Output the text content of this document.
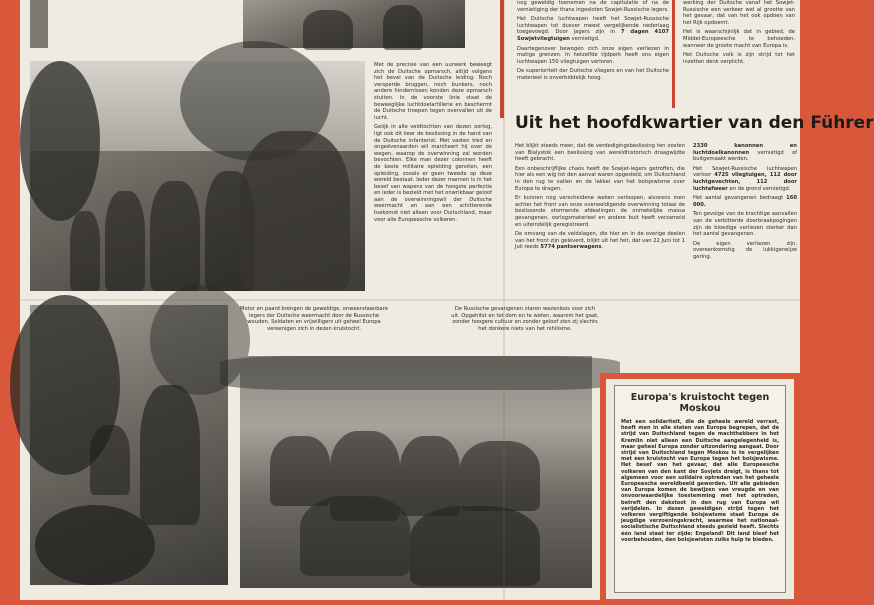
nog geweldig toenemen na de capitulatie of na de vernietiging der thans ingesloten Sowjet-Russische legers.

Het Duitsche luchtwapen heeft het Sowjet-Russische luchtwapen tot dusver meest vergelijkende nederlaag toegevoegd. Door jagers zijn in 7 dagen 4107 Sowjetvliegtuigen vernietigd.

Daartegenover bewogen zich onze eigen verliezen in matige grenzen. In hetzelfde tijdperk heeft ons eigen luchtwapen 150 vliegtuigen verloren.

De superioriteit der Duitsche vliegers en van het Duitsche materieel is onverbiddelijk hoog.

werking der Duitsche vanaf het Sowjet-Russische een verkeer wel al grootte van het gevaar, dat van het ook opdoen van het Rijk opdoemt.

Het is waarschijnlijk dat in gebied, de Middel-Europeesche te behoeden, wanneer de groote macht van Europa is.

Het Duitsche volk is zijn strijd tot het inzetten denk verplicht.

Uit het hoofdkwartier van den Führer

Met de precisie van een uurwerk beweegt zich de Duitsche opmarsch, altijd volgens het bevel van de Duitsche leiding. Noch versperde bruggen, noch bunkers, noch andere hindernissen konden deze opmarsch stuiten. In de voorste linie staat de beweeglijke luchtdoelartillerie en beschermt de Duitsche troepen tegen overvallen uit de lucht.

Gelijk in alle veldtochten van dezen oorlog, ligt ook dit keer de beslissing in de hand van de Duitsche infanterist. Met vasten tred en ongeëvenaarden wil marcheert hij over de wegen, waarop de overwinning zal worden bevochten. Elke man dezer colonnen heeft de beste militaire opleiding genoten, een opleiding, zooals er geen tweede op deze wereld bestaat. Ieder dezer mannen is in het besef van wapens van de hoogste perfectie en ieder is bezield met het onwrikbaar geloof aan de overwinningswil der Duitsche weermacht en aan een schitterende toekomst niet alleen voor Duitschland, maar voor alle Europeesche volkeren.

Het blijkt steeds meer, dat de verdedigingsbeslissing ten oosten van Bialystok een beslissing van wereldhistorisch draagwijdte heeft gebracht.

Een onbeschrijflijke chaos heeft de Sowjet-legers getroffen, die hier als een wig tot den aanval waren opgesteld, om Duitschland in den rug te vallen en de lakkei van het bolsjewisme over Europa te dragen.

Er kunnen nog verscheidene weken verloopen, alvorens men achter het front van onze overweldigende overwinning totaal de beslissende stormende afdeelingen de onmetelijke massa gevangenen, oorlogsmaterieel en andere buit heeft verzameld en uiteindelijk geregistreerd.

De omvang van de veldslagen, die hier en in de overige deelen van het front zijn geleverd, blijkt uit het feit, dat van 22 Juni tot 1 Juli reeds 5774 pantserwagens.

2330 kanonnen en luchtdoelkanonnen vernietigd of buitgemaakt werden.

Het Sowjet-Russische luchtwapen verloor 4725 vliegtuigen, 112 door luchtgevechten, 112 door luchtafweer en de grond vernietigd.

Het aantal gevangenen bedraagt 160 000.

Ten gevolge van de krachtige aanvallen van de verbitterde doorbraakpogingen zijn de bloedige verliezen sterker dan het aantal gevangenen.

De eigen verliezen zijn, overeenkomstig de lukkigerwijze gering.

Motor en paard brengen de geweldige, onweerstaanbare legers der Duitsche weermacht door de Russische wouden. Soldaten en vrijwilligers uit geheel Europa vereenigen zich in dezen kruistocht.
De Russische gevangenen staren wezenloos voor zich uit. Opgehitst en tot dom en te weten, waarom het gaat, zonder hoogere cultuur en zonder geloof zien zij slechts het donkere niets van het nihilisme.
Europa's kruistocht tegen Moskou
Met een solidariteit, die de geheele wereld verrast, heeft men in alle staten van Europa begrepen, dat de strijd van Duitschland tegen de machthebbers in het Kremlin niet alleen een Duitsche aangelegenheid is, maar geheel Europa zonder uitzondering aangaat. Door strijd van Duitschland tegen Moskou is te vergelijken met een kruistocht van Europa tegen het bolsjewisme. Het besef van het gevaar, dat alle Europeesche volkeren van den kant der Sovjets dreigt, is thans tot algemeen voor een solidaire optreden van het geheele Europeesche wereldbeeld geworden. Uit alle gebieden van Europa komen de bewijzen van vreugde en van onvoorwaardelijke toestemming met het optreden, betreft den dakstoot in den rug van Europa wil verijdelen. In dezen geweldigen strijd tegen het volkeren vergiftigende bolsjewisme staat Europa de jeugdige verzoeningskracht, waarmee het nationaal-socialistische Duitschland steeds gezield heeft. Slechts één land staat ter zijde: Engeland! Dit land bleef het voorbehouden, den bolsjewisten zulks hulp te bieden.
